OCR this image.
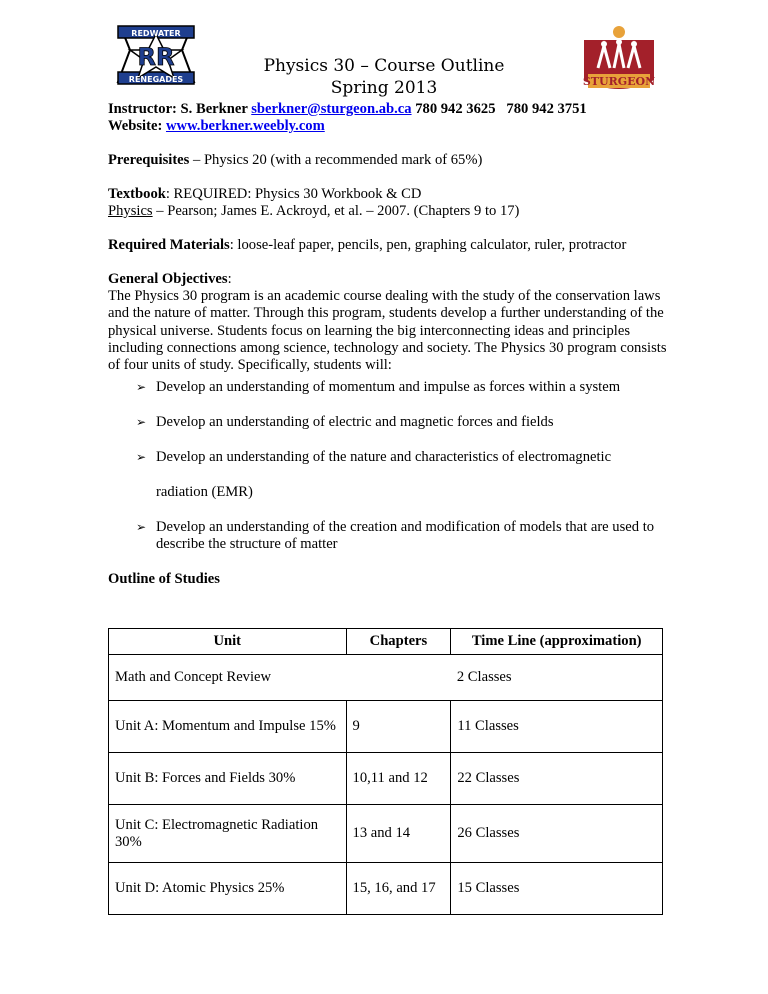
RR
REDWATER
RENEGADES	STURGEON
Physics 30 – Course Outline
Spring 2013
Instructor: S. Berkner sberkner@sturgeon.ab.ca 780 942 3625   780 942 3751
Website: www.berkner.weebly.com
Prerequisites – Physics 20 (with a recommended mark of 65%)
Textbook: REQUIRED: Physics 30 Workbook & CD
Physics – Pearson; James E. Ackroyd, et al. – 2007. (Chapters 9 to 17)
Required Materials: loose-leaf paper, pencils, pen, graphing calculator, ruler, protractor
General Objectives:
The Physics 30 program is an academic course dealing with the study of the conservation laws and the nature of matter. Through this program, students develop a further understanding of the physical universe. Students focus on learning the big interconnecting ideas and principles including connections among science, technology and society. The Physics 30 program consists of four units of study. Specifically, students will:
➢ Develop an understanding of momentum and impulse as forces within a system
➢ Develop an understanding of electric and magnetic forces and fields
➢ Develop an understanding of the nature and characteristics of electromagnetic
radiation (EMR)
➢ Develop an understanding of the creation and modification of models that are used to describe the structure of matter
Outline of Studies
Unit	Chapters	Time Line (approximation)
Math and Concept Review		2 Classes
Unit A: Momentum and Impulse 15%	9	11 Classes
Unit B: Forces and Fields 30%	10,11 and 12	22 Classes
Unit C: Electromagnetic Radiation 30%	13 and 14	26 Classes
Unit D: Atomic Physics 25%	15, 16, and 17	15 Classes
